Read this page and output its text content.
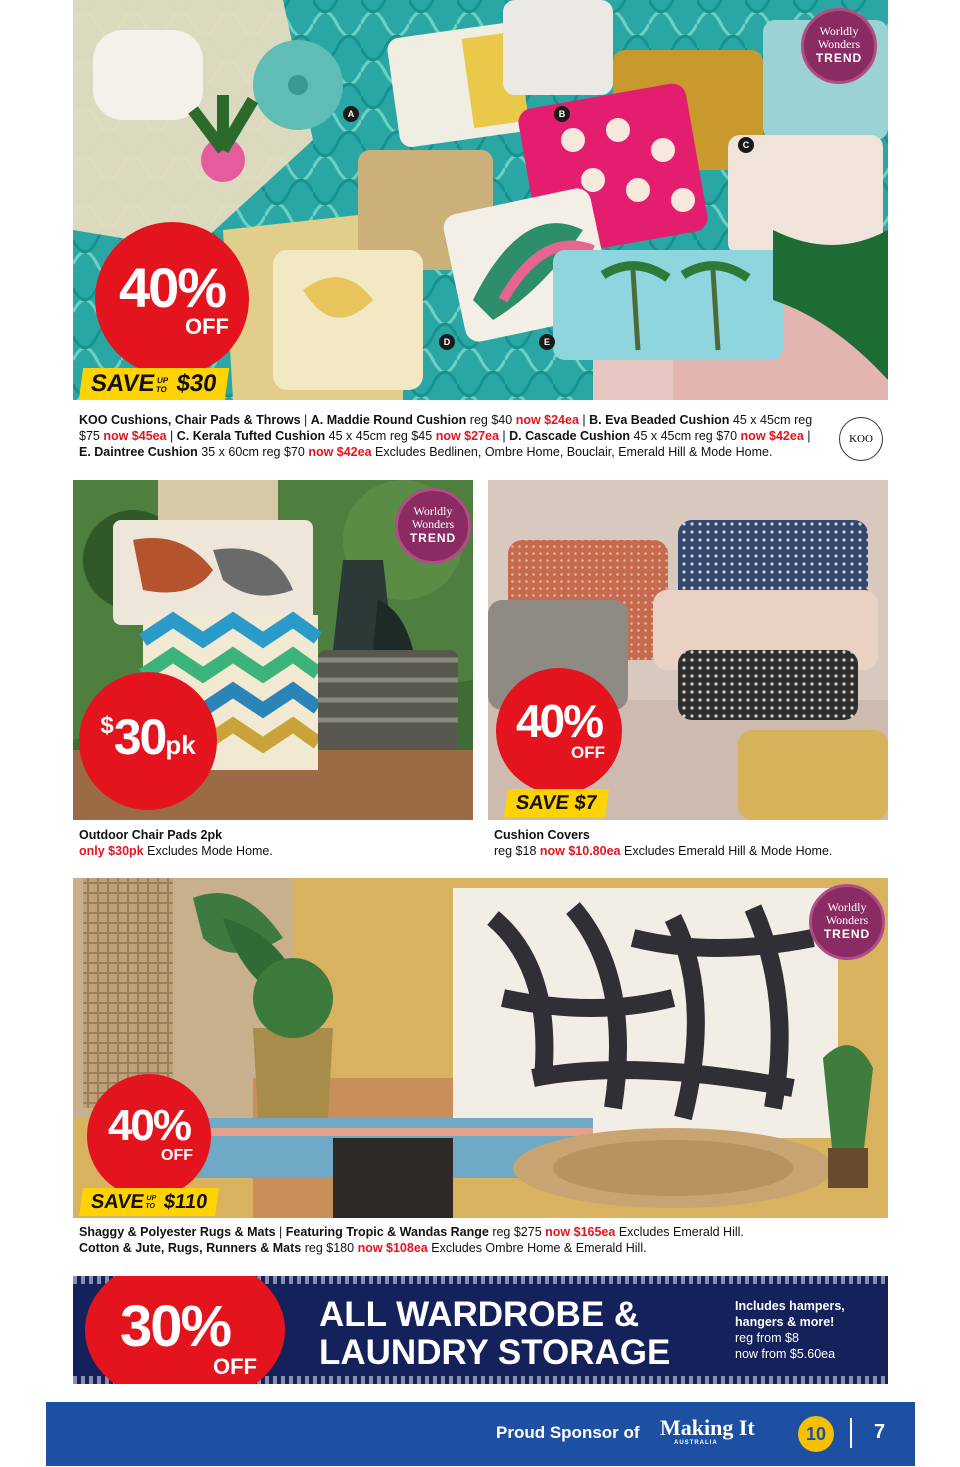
Worldly
Wonders
TREND
A	B
C
D	E
40%
OFF
SAVEUP TO $30
KOO Cushions, Chair Pads & Throws | A. Maddie Round Cushion reg $40 now $24ea | B. Eva Beaded Cushion 45 x 45cm reg $75 now $45ea | C. Kerala Tufted Cushion 45 x 45cm reg $45 now $27ea | D. Cascade Cushion 45 x 45cm reg $70 now $42ea | E. Daintree Cushion 35 x 60cm reg $70 now $42ea Excludes Bedlinen, Ombre Home, Bouclair, Emerald Hill & Mode Home.
KOO
Worldly
Wonders
TREND
$30pk
Outdoor Chair Pads 2pk
only $30pk Excludes Mode Home.
40%
OFF
SAVE $7
Cushion Covers
reg $18 now $10.80ea Excludes Emerald Hill & Mode Home.
Worldly
Wonders
TREND
40%
OFF
SAVEUP TO $110
Shaggy & Polyester Rugs & Mats | Featuring Tropic & Wandas Range reg $275 now $165ea Excludes Emerald Hill.
Cotton & Jute, Rugs, Runners & Mats reg $180 now $108ea Excludes Ombre Home & Emerald Hill.
30%
OFF
ALL WARDROBE &
LAUNDRY STORAGE
Includes hampers,
hangers & more!
reg from $8
now from $5.60ea
Proud Sponsor of Making It
AUSTRALIA	10	7
